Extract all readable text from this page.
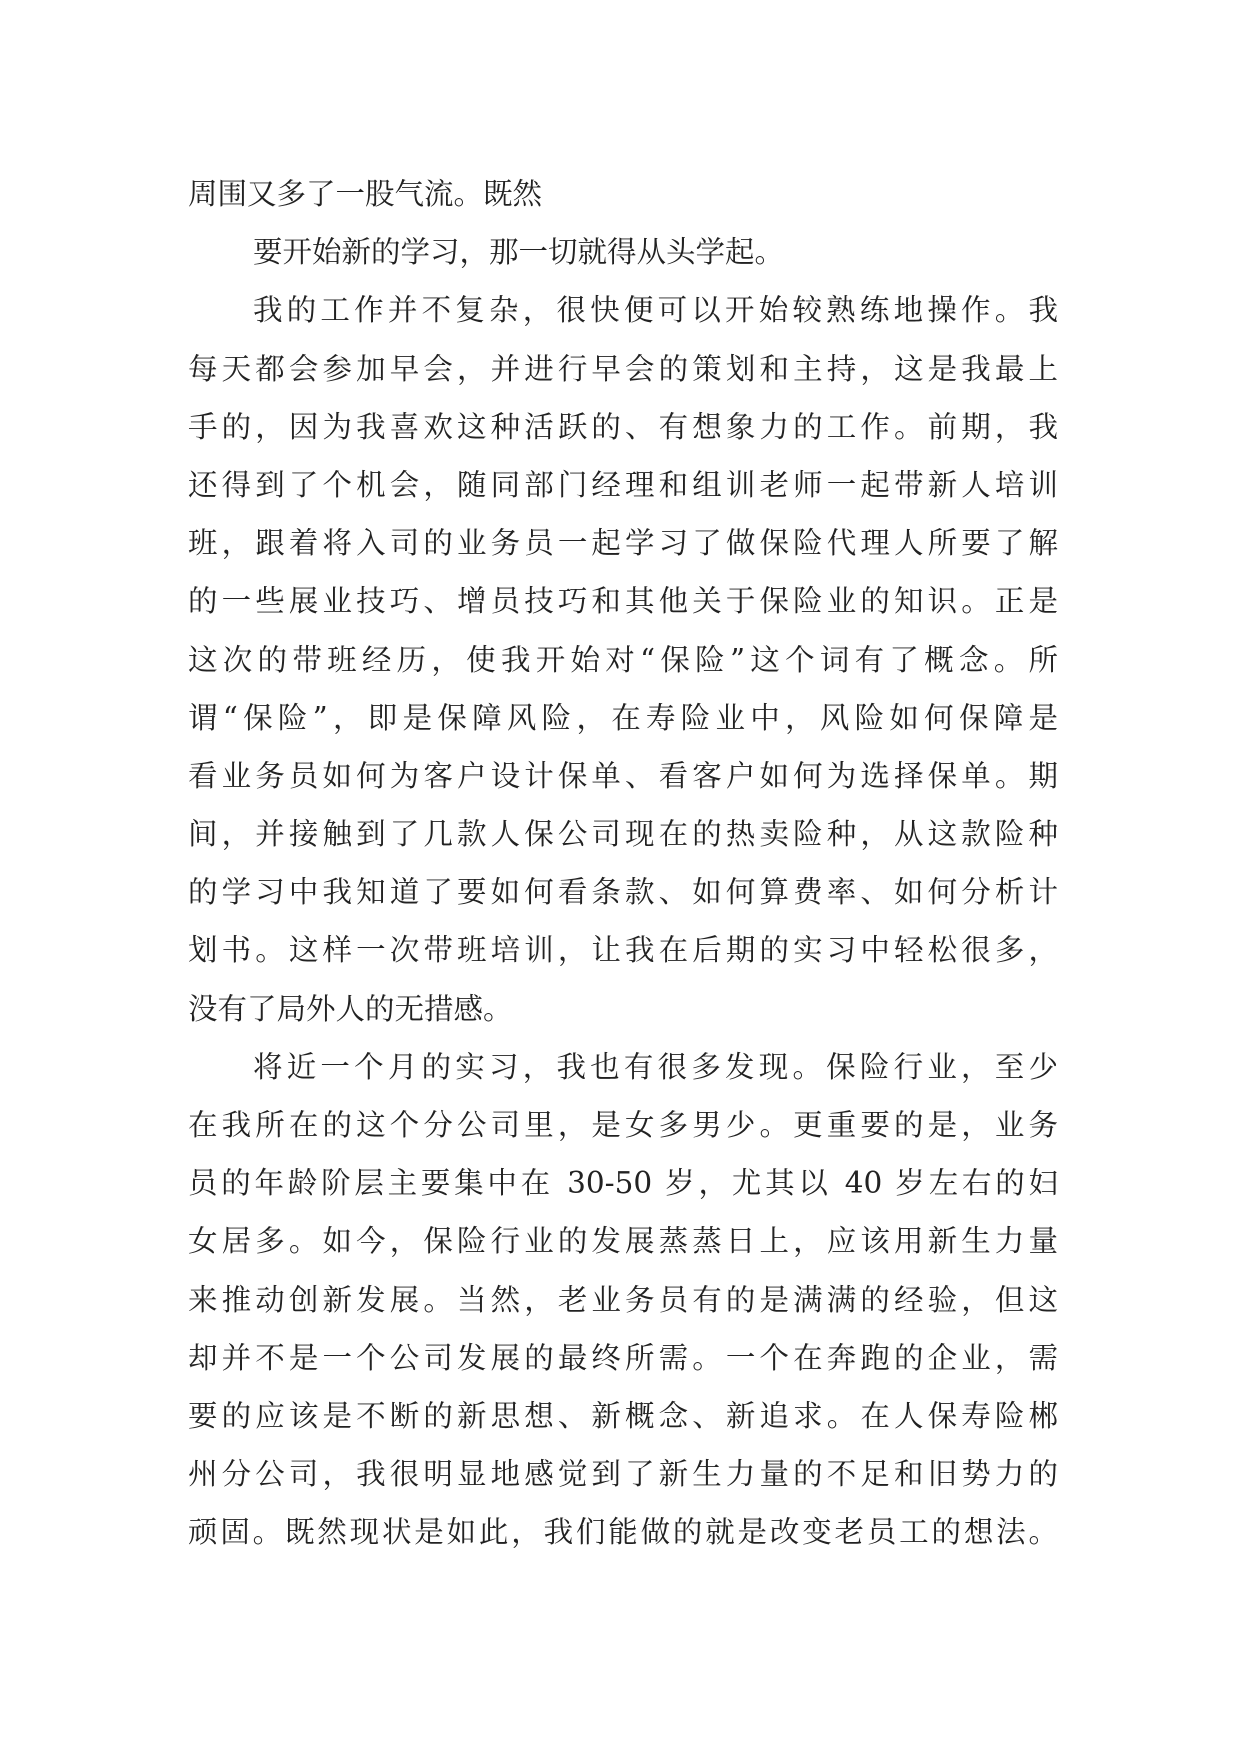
周围又多了一股气流。既然
要开始新的学习，那一切就得从头学起。
我的工作并不复杂，很快便可以开始较熟练地操作。我
每天都会参加早会，并进行早会的策划和主持，这是我最上
手的，因为我喜欢这种活跃的、有想象力的工作。前期，我
还得到了个机会，随同部门经理和组训老师一起带新人培训
班，跟着将入司的业务员一起学习了做保险代理人所要了解
的一些展业技巧、增员技巧和其他关于保险业的知识。正是
这次的带班经历，使我开始对“保险”这个词有了概念。所
谓“保险”，即是保障风险，在寿险业中，风险如何保障是
看业务员如何为客户设计保单、看客户如何为选择保单。期
间，并接触到了几款人保公司现在的热卖险种，从这款险种
的学习中我知道了要如何看条款、如何算费率、如何分析计
划书。这样一次带班培训，让我在后期的实习中轻松很多，
没有了局外人的无措感。
将近一个月的实习，我也有很多发现。保险行业，至少
在我所在的这个分公司里，是女多男少。更重要的是，业务
员的年龄阶层主要集中在 30-50 岁，尤其以 40 岁左右的妇
女居多。如今，保险行业的发展蒸蒸日上，应该用新生力量
来推动创新发展。当然，老业务员有的是满满的经验，但这
却并不是一个公司发展的最终所需。一个在奔跑的企业，需
要的应该是不断的新思想、新概念、新追求。在人保寿险郴
州分公司，我很明显地感觉到了新生力量的不足和旧势力的
顽固。既然现状是如此，我们能做的就是改变老员工的想法。
